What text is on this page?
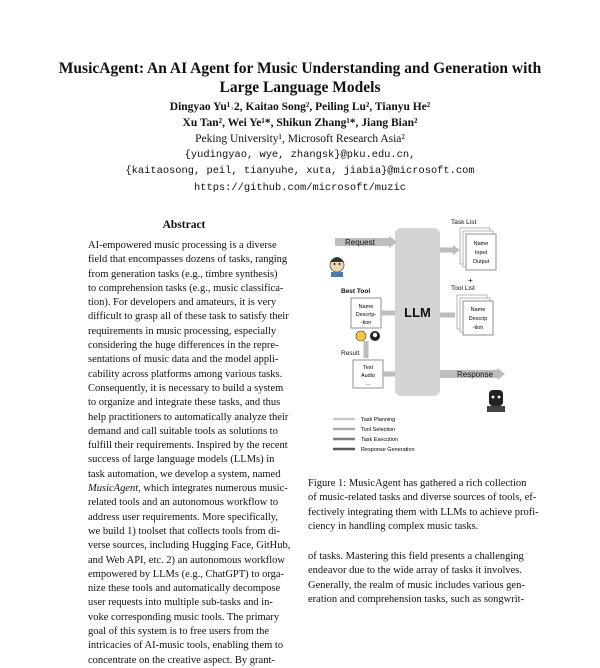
MusicAgent: An AI Agent for Music Understanding and Generation with
Large Language Models
Dingyao Yu¹˒2, Kaitao Song², Peiling Lu², Tianyu He²
Xu Tan², Wei Ye¹*, Shikun Zhang¹*, Jiang Bian²
Peking University¹, Microsoft Research Asia²
{yudingyao, wye, zhangsk}@pku.edu.cn,
{kaitaosong, peil, tianyuhe, xuta, jiabia}@microsoft.com
https://github.com/microsoft/muzic
Abstract
AI-empowered music processing is a diverse
field that encompasses dozens of tasks, ranging
from generation tasks (e.g., timbre synthesis)
to comprehension tasks (e.g., music classifica-
tion). For developers and amateurs, it is very
difficult to grasp all of these task to satisfy their
requirements in music processing, especially
considering the huge differences in the repre-
sentations of music data and the model appli-
cability across platforms among various tasks.
Consequently, it is necessary to build a system
to organize and integrate these tasks, and thus
help practitioners to automatically analyze their
demand and call suitable tools as solutions to
fulfill their requirements. Inspired by the recent
success of large language models (LLMs) in
task automation, we develop a system, named
MusicAgent, which integrates numerous music-
related tools and an autonomous workflow to
address user requirements. More specifically,
we build 1) toolset that collects tools from di-
verse sources, including Hugging Face, GitHub,
and Web API, etc. 2) an autonomous workflow
empowered by LLMs (e.g., ChatGPT) to orga-
nize these tools and automatically decompose
user requests into multiple sub-tasks and in-
voke corresponding music tools. The primary
goal of this system is to free users from the
intricacies of AI-music tools, enabling them to
concentrate on the creative aspect. By grant-
LLM
Request
Best Tool
Name
Descrip-
-tion
Result
Text
Audio
...
Task List
Name
Input
Output
+
Tool List
Name
Descrip
-tion
Response
Task Planning
Tool Selection
Task Execution
Response Generation
Figure 1: MusicAgent has gathered a rich collection
of music-related tasks and diverse sources of tools, ef-
fectively integrating them with LLMs to achieve profi-
ciency in handling complex music tasks.
of tasks. Mastering this field presents a challenging
endeavor due to the wide array of tasks it involves.
Generally, the realm of music includes various gen-
eration and comprehension tasks, such as songwrit-
